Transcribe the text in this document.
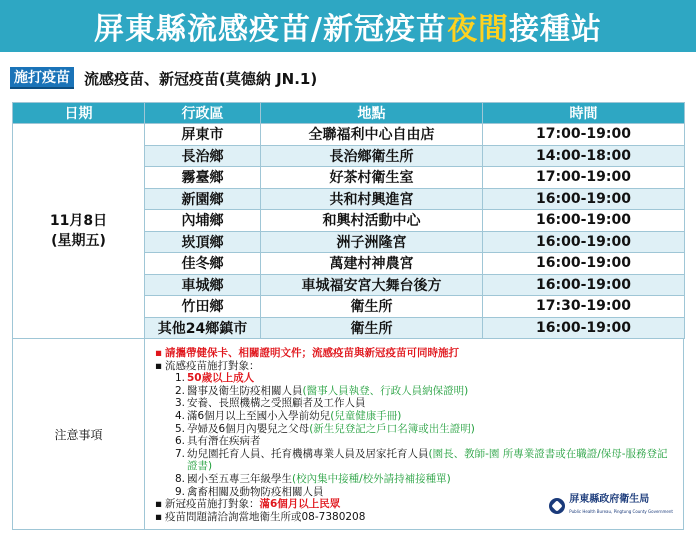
屏東縣流感疫苗/新冠疫苗 夜間 接種站
施打疫苗 流感疫苗、新冠疫苗(莫德納 JN.1)
日期	行政區	地點	時間

11月8日
(星期五)	屏東市	全聯福利中心自由店	17:00-19:00
	長治鄉	長治鄉衛生所	14:00-18:00
	霧臺鄉	好茶村衛生室	17:00-19:00
	新園鄉	共和村興進宮	16:00-19:00
	內埔鄉	和興村活動中心	16:00-19:00
	崁頂鄉	洲子洲隆宮	16:00-19:00
	佳冬鄉	萬建村神農宮	16:00-19:00
	車城鄉	車城福安宮大舞台後方	16:00-19:00
	竹田鄉	衛生所	17:30-19:00
	其他24鄉鎮市	衛生所	16:00-19:00
注意事項
▪ 請攜帶健保卡、相關證明文件；流感疫苗與新冠疫苗可同時施打
▪ 流感疫苗施打對象：
1. 50歲以上成人
2. 醫事及衛生防疫相關人員(醫事人員執登、行政人員納保證明)
3. 安養、長照機構之受照顧者及工作人員
4. 滿6個月以上至國小入學前幼兒(兒童健康手冊)
5. 孕婦及6個月內嬰兒之父母(新生兒登記之戶口名簿或出生證明)
6. 具有潛在疾病者
7. 幼兒園托育人員、托育機構專業人員及居家托育人員(園長、教師-園 所專業證書或在職證/保母-服務登記證書)
8. 國小至五專三年級學生(校內集中接種/校外請持補接種單)
9. 禽畜相關及動物防疫相關人員
▪ 新冠疫苗施打對象： 滿6個月以上民眾
▪ 疫苗問題請洽詢當地衛生所或08-7380208
屏東縣政府衛生局
Public Health Bureau, Pingtung County Government
